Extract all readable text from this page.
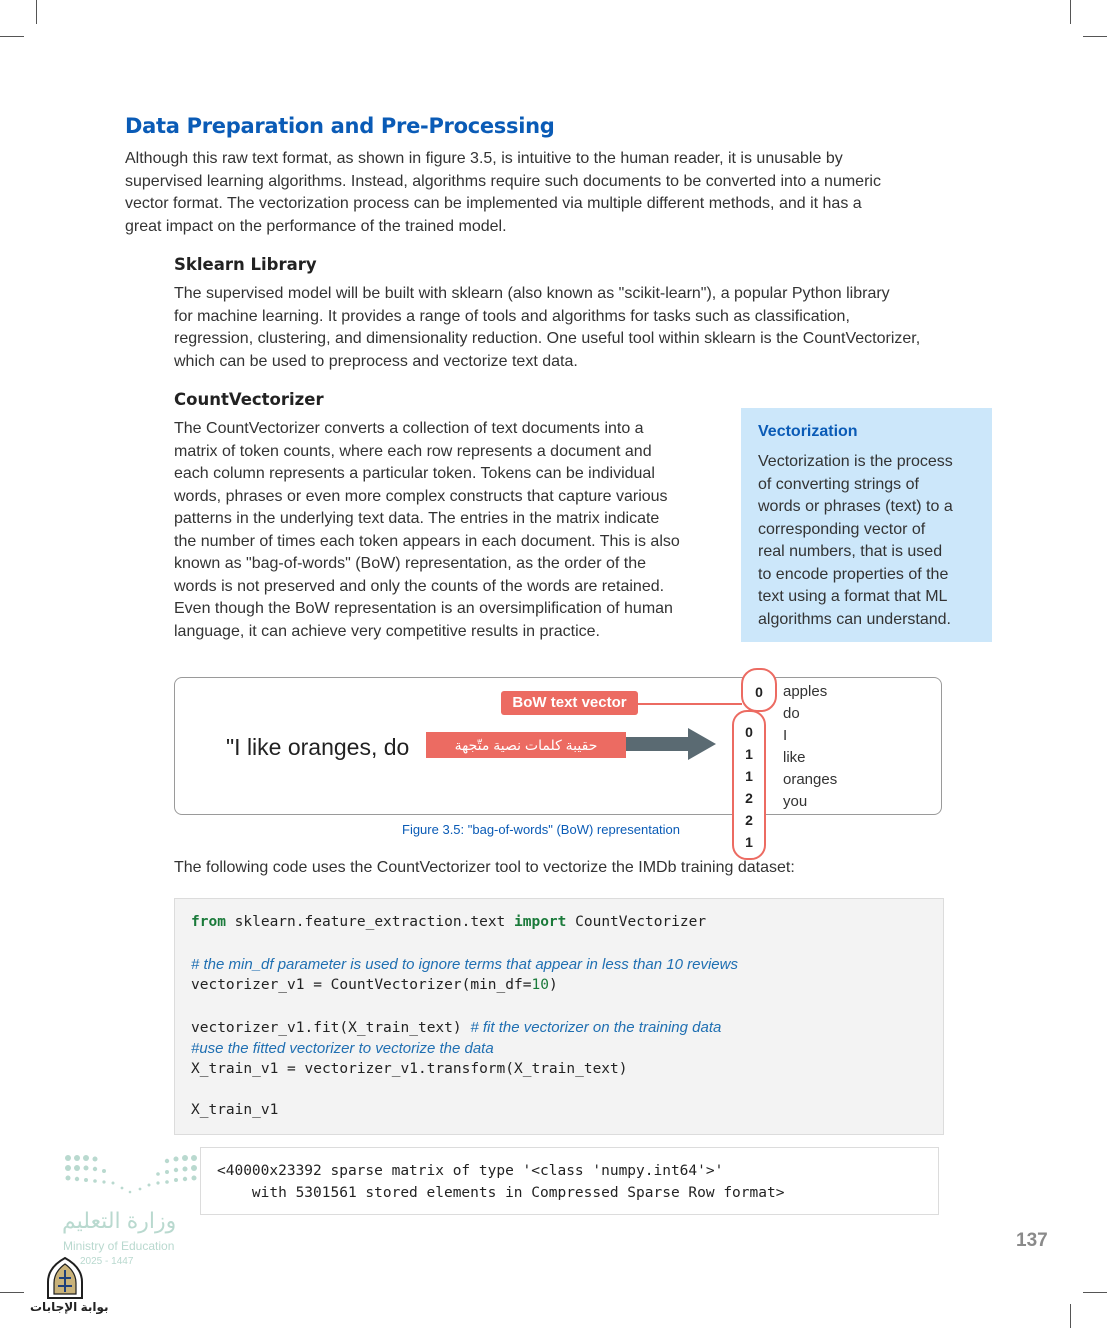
Data Preparation and Pre-Processing
Although this raw text format, as shown in figure 3.5, is intuitive to the human reader, it is unusable by
supervised learning algorithms. Instead, algorithms require such documents to be converted into a numeric
vector format. The vectorization process can be implemented via multiple different methods, and it has a
great impact on the performance of the trained model.
Sklearn Library
The supervised model will be built with sklearn (also known as "scikit-learn"), a popular Python library
for machine learning. It provides a range of tools and algorithms for tasks such as classification,
regression, clustering, and dimensionality reduction. One useful tool within sklearn is the CountVectorizer,
which can be used to preprocess and vectorize text data.
CountVectorizer
The CountVectorizer converts a collection of text documents into a
matrix of token counts, where each row represents a document and
each column represents a particular token. Tokens can be individual
words, phrases or even more complex constructs that capture various
patterns in the underlying text data. The entries in the matrix indicate
the number of times each token appears in each document. This is also
known as "bag-of-words" (BoW) representation, as the order of the
words is not preserved and only the counts of the words are retained.
Even though the BoW representation is an oversimplification of human
language, it can achieve very competitive results in practice.
Vectorization
Vectorization is the process
of converting strings of
words or phrases (text) to a
corresponding vector of
real numbers, that is used
to encode properties of the
text using a format that ML
algorithms can understand.
"I like oranges, do	حقيبة كلمات نصية متّجهة
BoW text vector
0
0
1
1
2
2
1
apples
do
I
like
oranges
you
Figure 3.5: "bag-of-words" (BoW) representation
The following code uses the CountVectorizer tool to vectorize the IMDb training dataset:
from sklearn.feature_extraction.text import CountVectorizer
# the min_df parameter is used to ignore terms that appear in less than 10 reviews
vectorizer_v1 = CountVectorizer(min_df=10)
vectorizer_v1.fit(X_train_text) # fit the vectorizer on the training data
#use the fitted vectorizer to vectorize the data
X_train_v1 = vectorizer_v1.transform(X_train_text)
X_train_v1
<40000x23392 sparse matrix of type '<class 'numpy.int64'>'
with 5301561 stored elements in Compressed Sparse Row format>
وزارة التعليم
Ministry of Education
2025 - 1447
بوابة الإجابات
137
